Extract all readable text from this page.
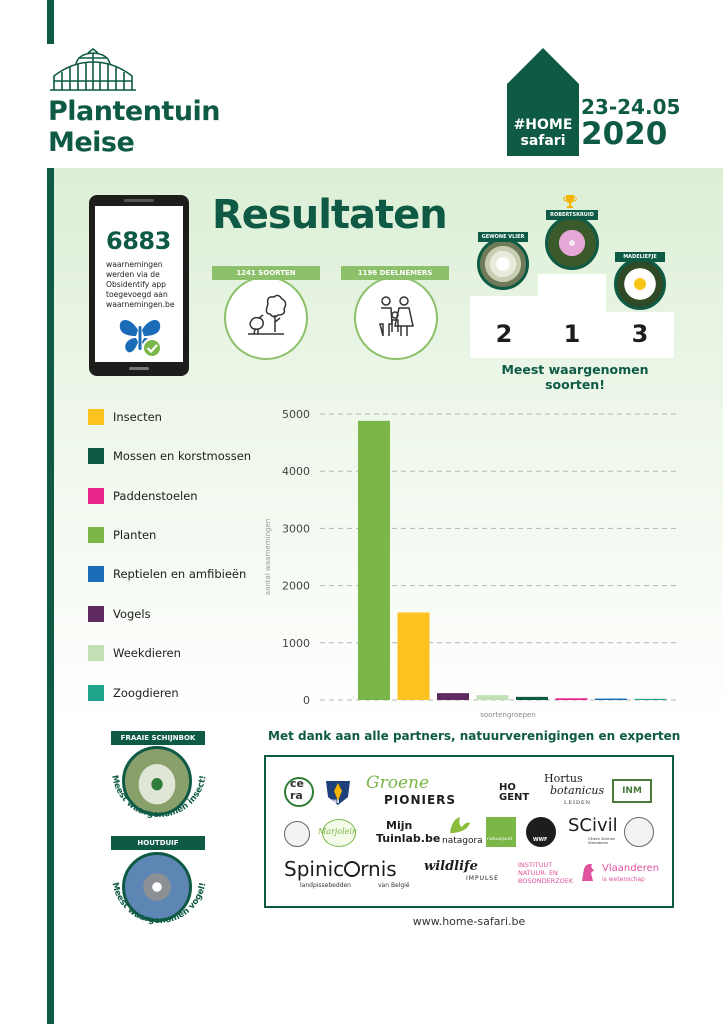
Plantentuin
Meise
#HOME
safari
23-24.05
2020
6883
waarnemingen werden via de Obsidentify app toegevoegd aan waarnemingen.be
Resultaten
1241 SOORTEN	1196 DEELNEMERS
2	1	3
GEWONE VLIER
ROBERTSKRUID
MADELIEFJE
Meest waargenomen soorten!
Insecten
Mossen en korstmossen
Paddenstoelen
Planten
Reptielen en amfibieën
Vogels
Weekdieren
Zoogdieren
5000
4000
3000
2000
1000
0
soortengroepen
aantal waarnemingen
Met dank aan alle partners, natuurverenigingen en experten
ce
ra	CNB
Groene
PIONIERS
HO
GENT
Hortus
botanicus
LEIDEN
INM
Marjolein	Mijn
Tuinlab.be natagora natuurpunt	WWF
SCivil
Citizen Science Vlaanderen
Spinic rnis
landpissebedden	van België
wildlife
IMPULSE
INSTITUUT
NATUUR- EN
BOSONDERZOEK
Vlaanderen
is wetenschap
www.home-safari.be
FRAAIE SCHIJNBOK
Meest waargenomen insect!
HOUTDUIF
Meest waargenomen vogel!
